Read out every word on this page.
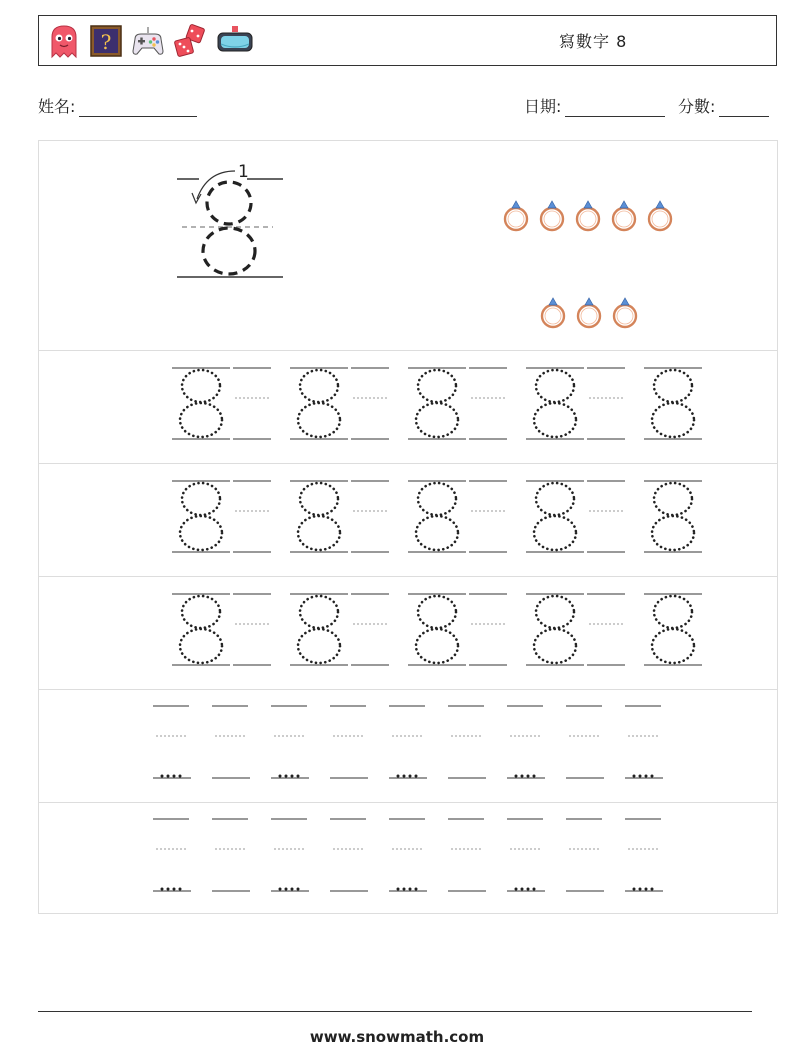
?	寫數字 8
姓名:	日期:	分數:
1
www.snowmath.com
